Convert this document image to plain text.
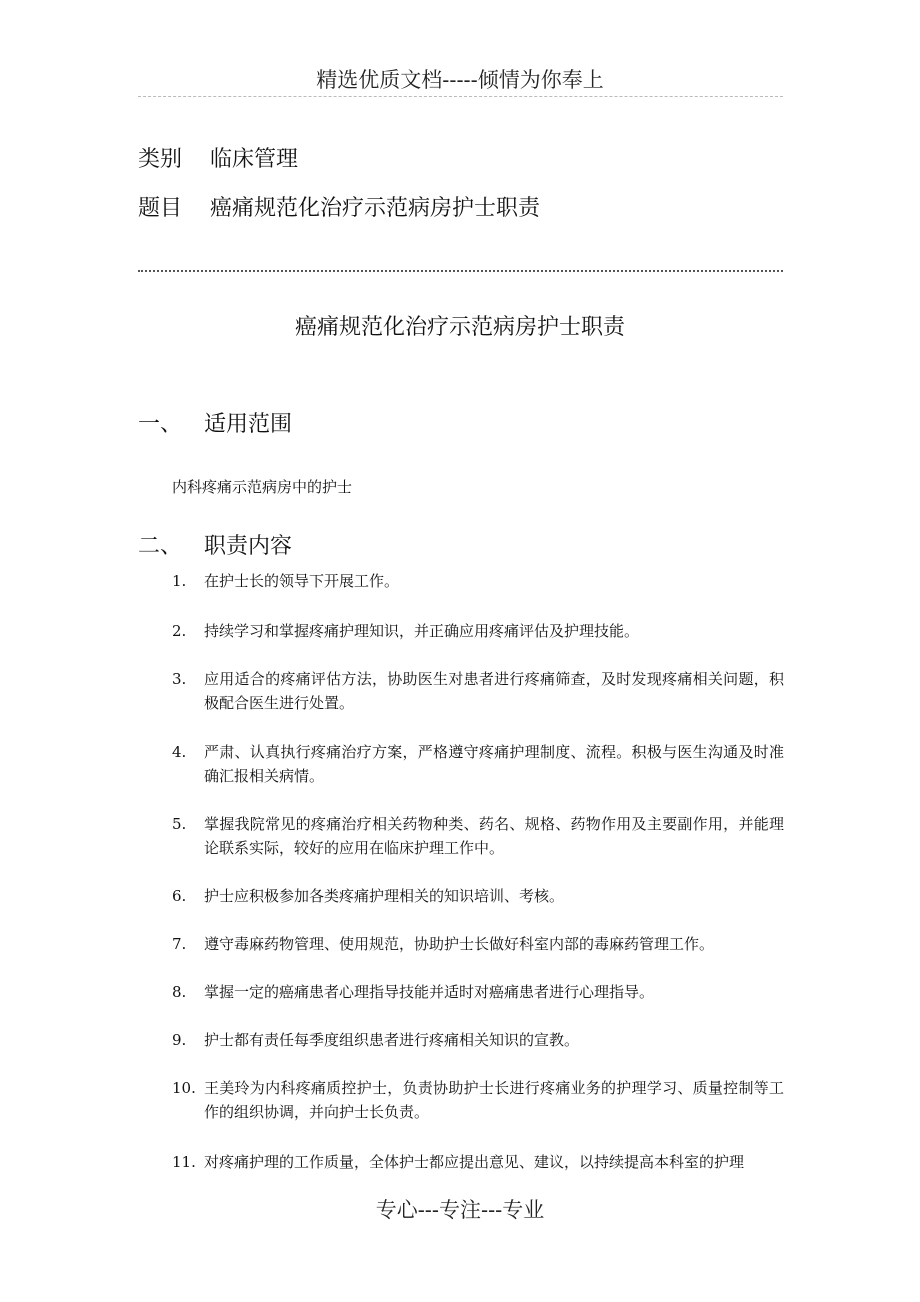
精选优质文档-----倾情为你奉上
类别 临床管理
题目 癌痛规范化治疗示范病房护士职责
癌痛规范化治疗示范病房护士职责
一、 适用范围
内科疼痛示范病房中的护士
二、 职责内容
1.	在护士长的领导下开展工作。
2.	持续学习和掌握疼痛护理知识，并正确应用疼痛评估及护理技能。
3.	应用适合的疼痛评估方法，协助医生对患者进行疼痛筛查，及时发现疼痛相关问题，积极配合医生进行处置。
4.	严肃、认真执行疼痛治疗方案，严格遵守疼痛护理制度、流程。积极与医生沟通及时准确汇报相关病情。
5.	掌握我院常见的疼痛治疗相关药物种类、药名、规格、药物作用及主要副作用，并能理论联系实际，较好的应用在临床护理工作中。
6.	护士应积极参加各类疼痛护理相关的知识培训、考核。
7.	遵守毒麻药物管理、使用规范，协助护士长做好科室内部的毒麻药管理工作。
8.	掌握一定的癌痛患者心理指导技能并适时对癌痛患者进行心理指导。
9.	护士都有责任每季度组织患者进行疼痛相关知识的宣教。
10. 王美玲为内科疼痛质控护士，负责协助护士长进行疼痛业务的护理学习、质量控制等工作的组织协调，并向护士长负责。
11. 对疼痛护理的工作质量，全体护士都应提出意见、建议，以持续提高本科室的护理
专心---专注---专业
